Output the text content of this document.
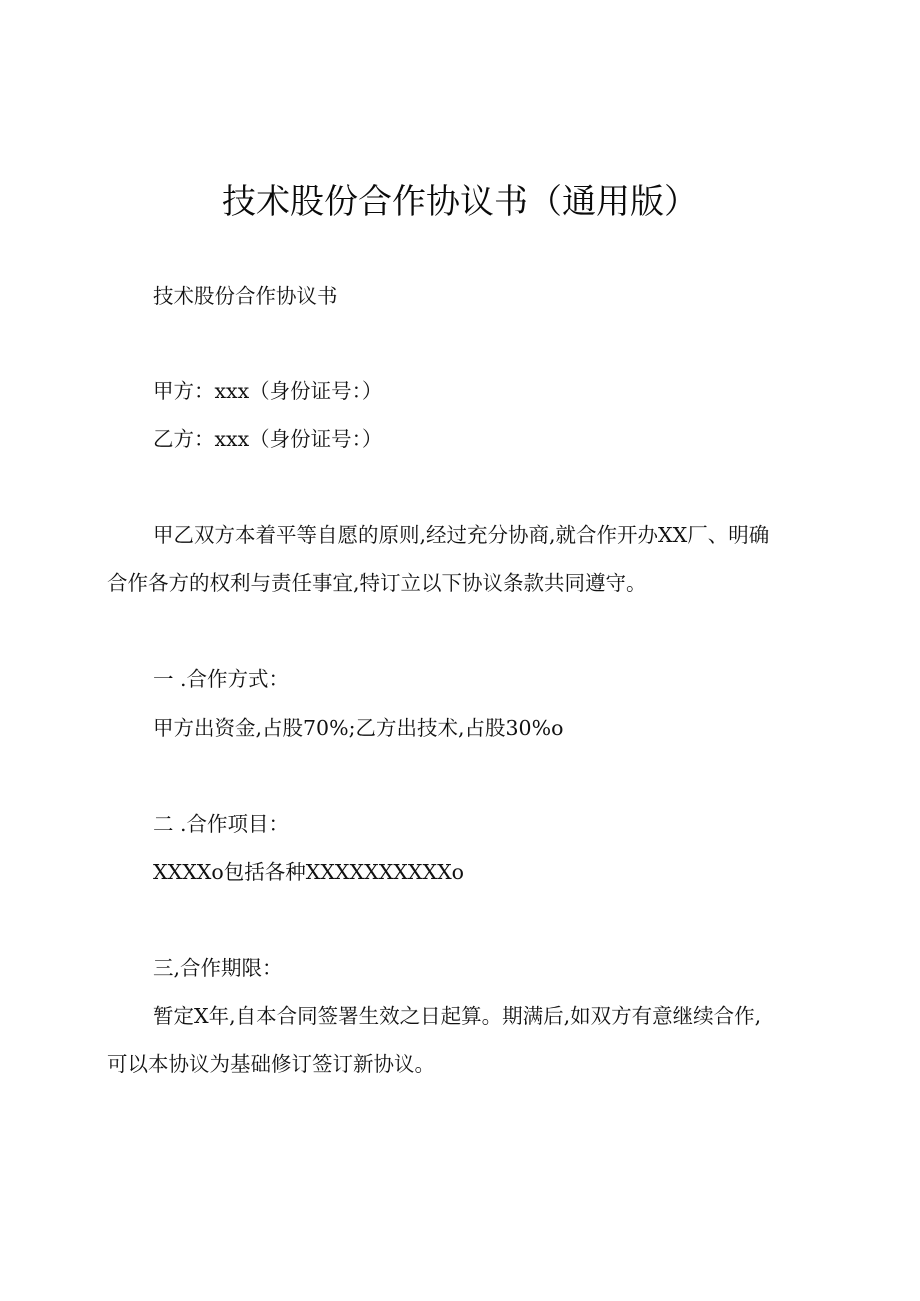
技术股份合作协议书（通用版）
技术股份合作协议书
甲方：xxx（身份证号：）
乙方：xxx（身份证号：）
甲乙双方本着平等自愿的原则,经过充分协商,就合作开办XX厂、明确
合作各方的权利与责任事宜,特订立以下协议条款共同遵守。
一 .合作方式：
甲方出资金,占股70%;乙方出技术,占股30%o
二 .合作项目：
XXXXo包括各种XXXXXXXXXXo
三,合作期限：
暂定X年,自本合同签署生效之日起算。期满后,如双方有意继续合作,
可以本协议为基础修订签订新协议。
